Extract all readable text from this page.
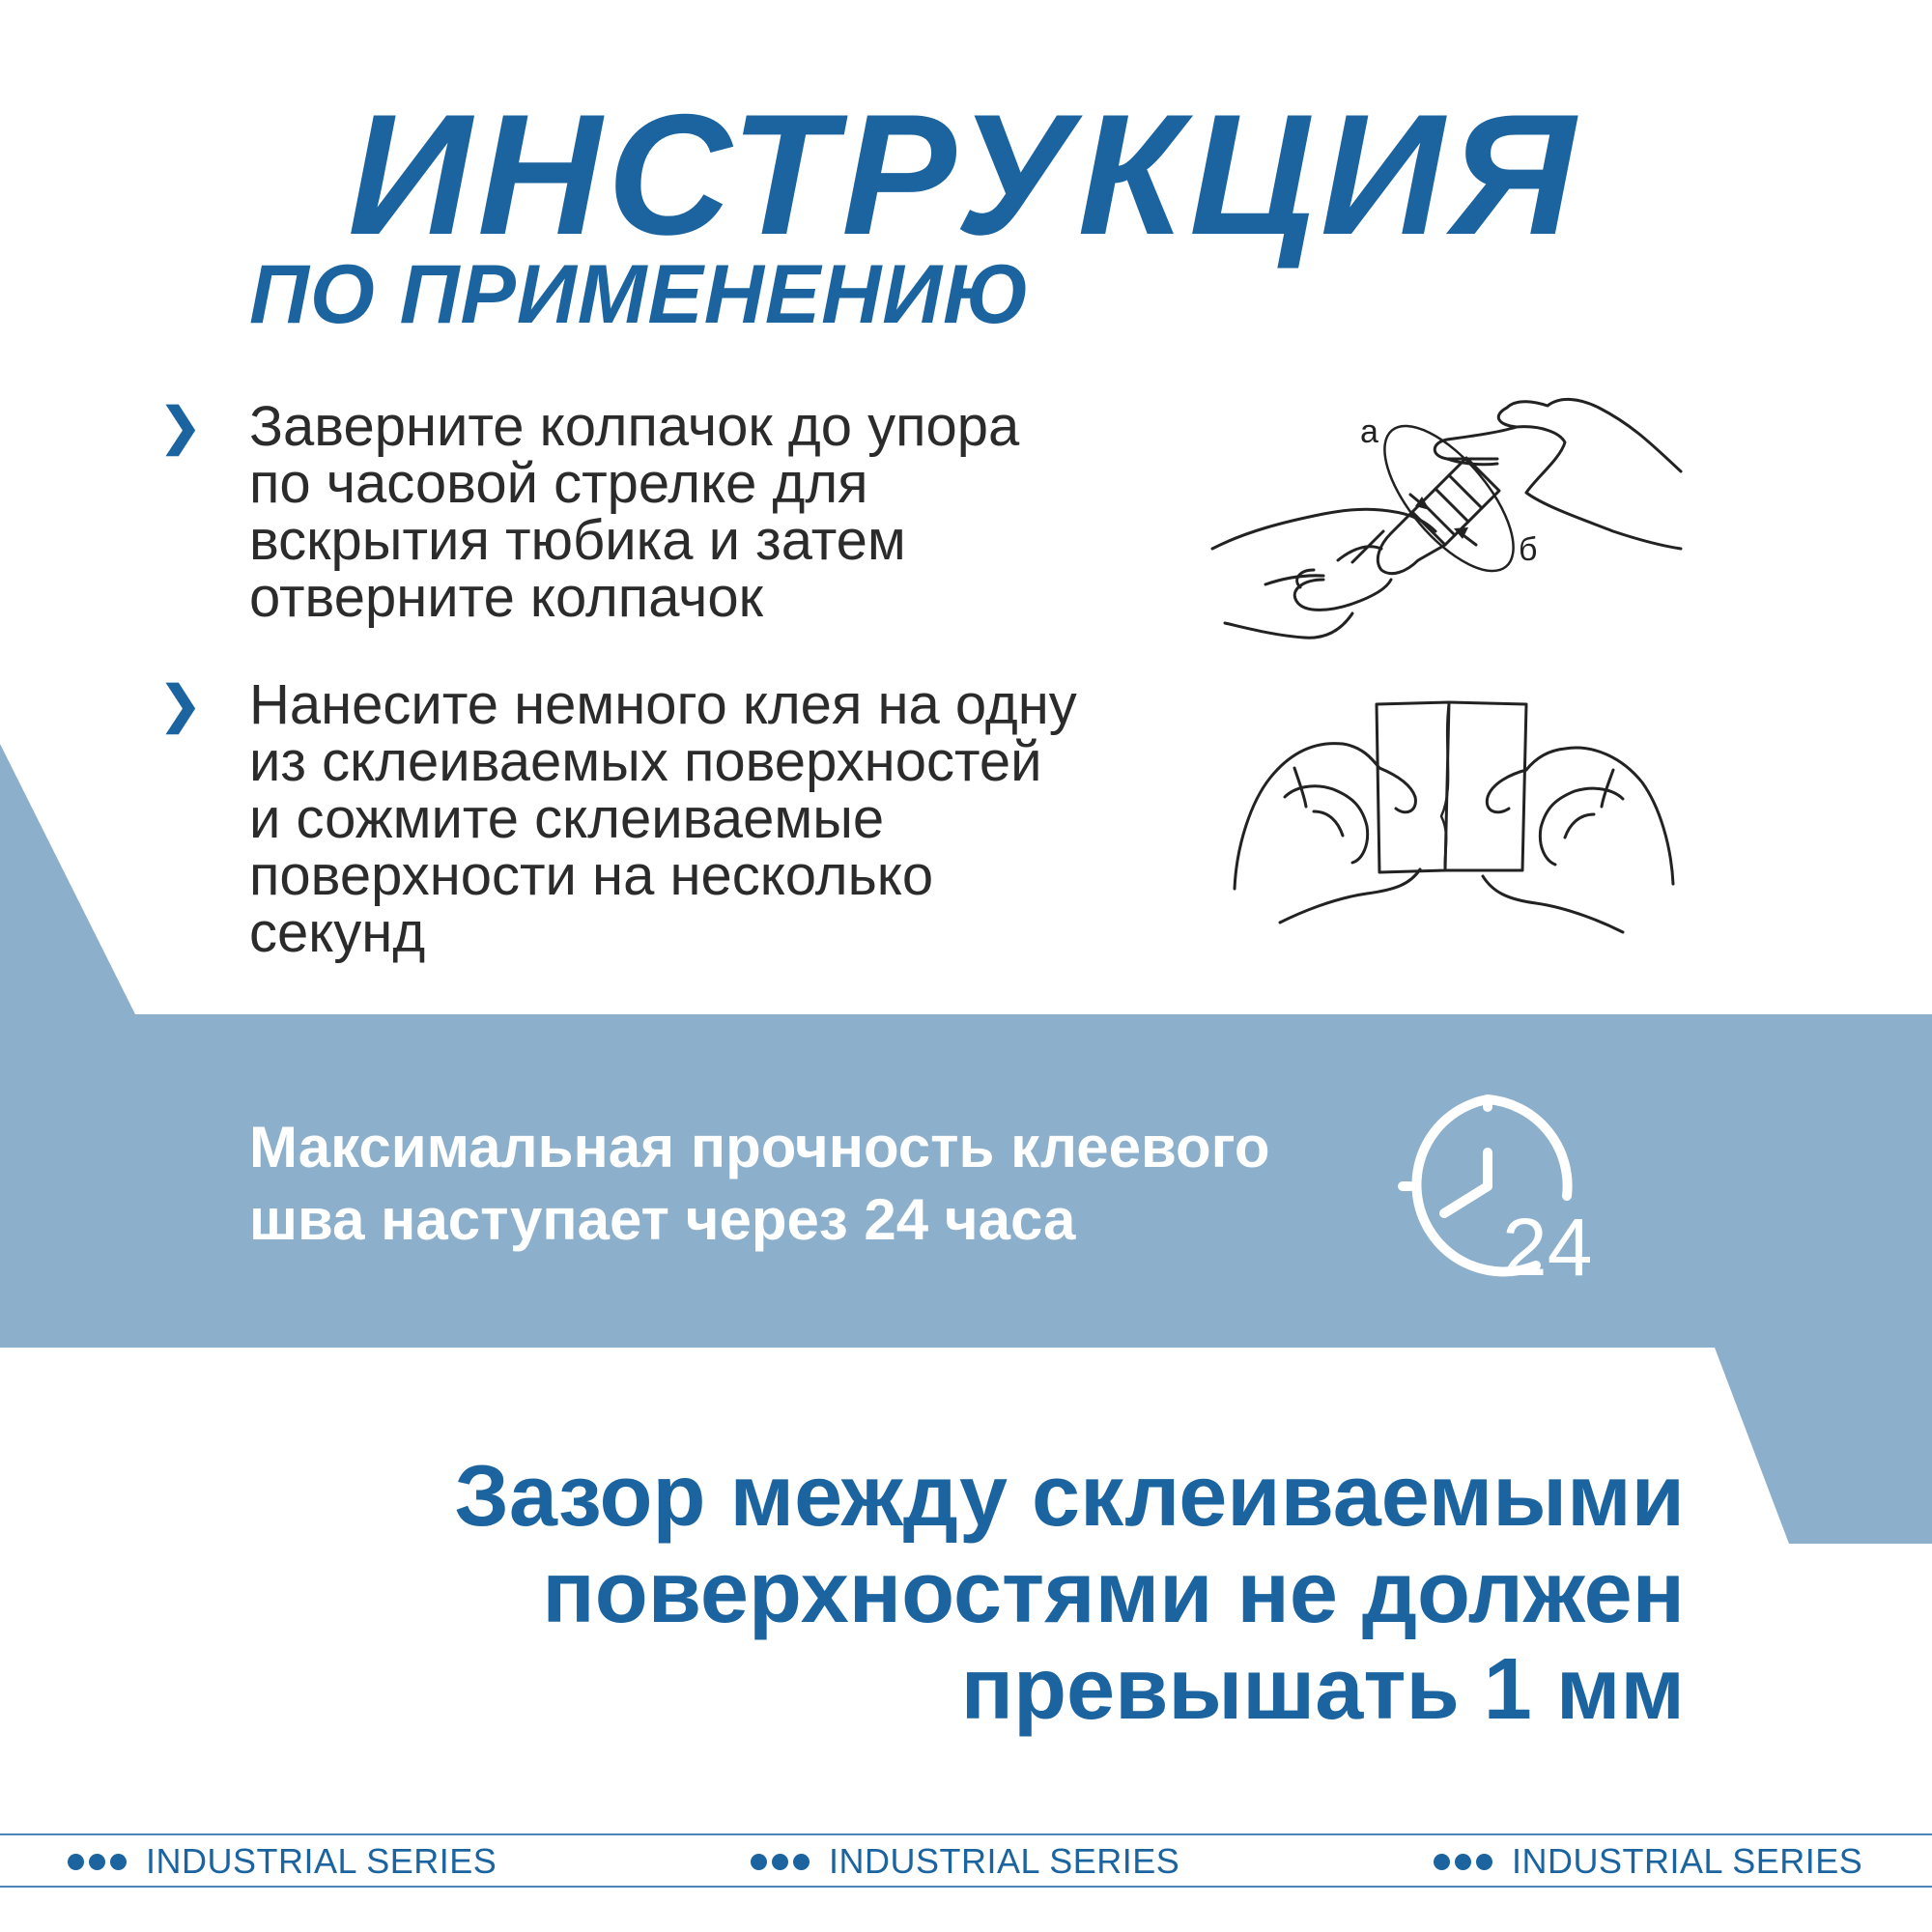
ИНСТРУКЦИЯ
ПО ПРИМЕНЕНИЮ
❯ Заверните колпачок до упора
по часовой стрелке для
вскрытия тюбика и затем
отверните колпачок
❯ Нанесите немного клея на одну
из склеиваемых поверхностей
и сожмите склеиваемые
поверхности на несколько
секунд
а
б
Максимальная прочность клеевого
шва наступает через 24 часа	24
Зазор между склеиваемыми
поверхностями не должен
превышать 1 мм
INDUSTRIAL SERIES	INDUSTRIAL SERIES	INDUSTRIAL SERIES
